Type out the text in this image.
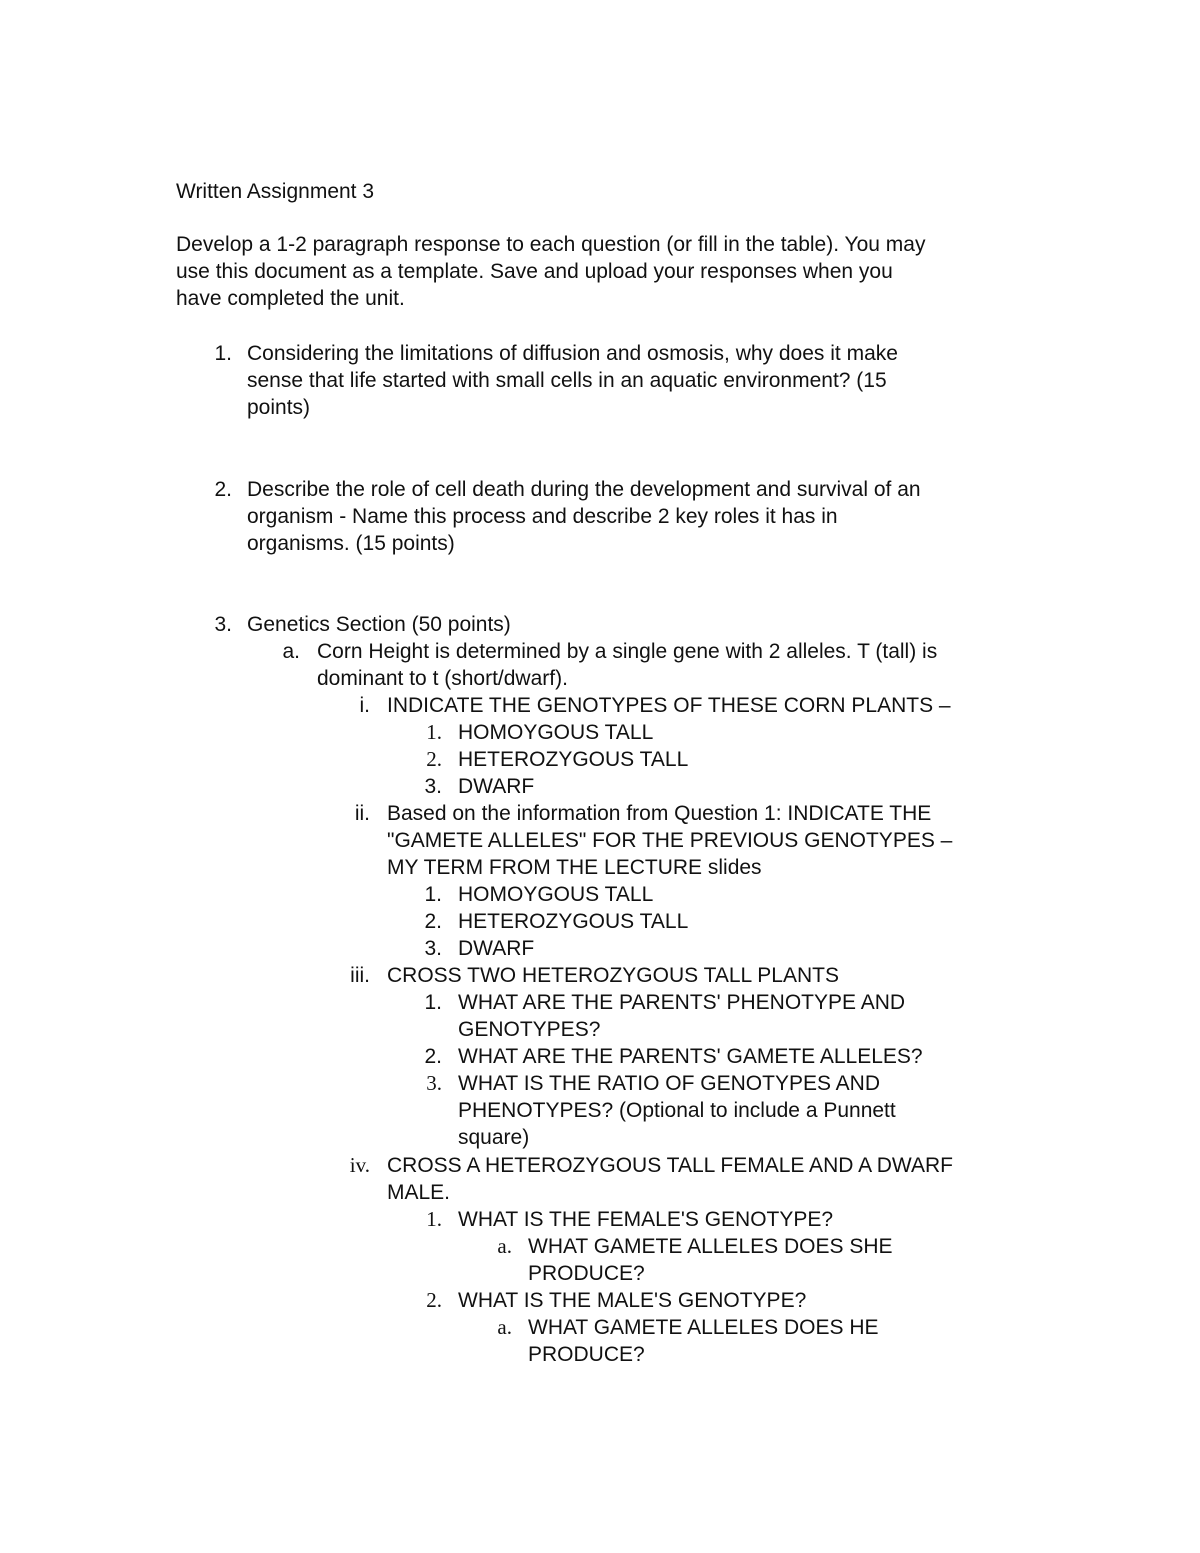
Written Assignment 3
Develop a 1-2 paragraph response to each question (or fill in the table). You may
use this document as a template. Save and upload your responses when you
have completed the unit.
1. Considering the limitations of diffusion and osmosis, why does it make
sense that life started with small cells in an aquatic environment? (15
points)
2. Describe the role of cell death during the development and survival of an
organism - Name this process and describe 2 key roles it has in
organisms. (15 points)
3. Genetics Section (50 points)
a. Corn Height is determined by a single gene with 2 alleles. T (tall) is
dominant to t (short/dwarf).
i. INDICATE THE GENOTYPES OF THESE CORN PLANTS –
1. HOMOYGOUS TALL
2. HETEROZYGOUS TALL
3. DWARF
ii. Based on the information from Question 1: INDICATE THE
"GAMETE ALLELES" FOR THE PREVIOUS GENOTYPES –
MY TERM FROM THE LECTURE slides
1. HOMOYGOUS TALL
2. HETEROZYGOUS TALL
3. DWARF
iii. CROSS TWO HETEROZYGOUS TALL PLANTS
1. WHAT ARE THE PARENTS' PHENOTYPE AND
GENOTYPES?
2. WHAT ARE THE PARENTS' GAMETE ALLELES?
3. WHAT IS THE RATIO OF GENOTYPES AND
PHENOTYPES? (Optional to include a Punnett
square)
iv. CROSS A HETEROZYGOUS TALL FEMALE AND A DWARF
MALE.
1. WHAT IS THE FEMALE'S GENOTYPE?
a. WHAT GAMETE ALLELES DOES SHE
PRODUCE?
2. WHAT IS THE MALE'S GENOTYPE?
a. WHAT GAMETE ALLELES DOES HE
PRODUCE?
